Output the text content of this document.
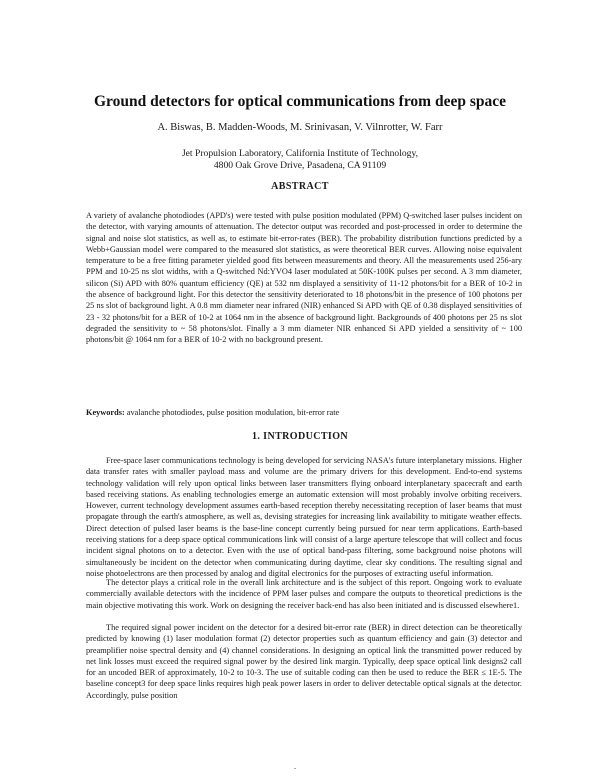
Ground detectors for optical communications from deep space
A. Biswas, B. Madden-Woods, M. Srinivasan, V. Vilnrotter, W. Farr
Jet Propulsion Laboratory, California Institute of Technology,
4800 Oak Grove Drive, Pasadena, CA 91109
ABSTRACT

A variety of avalanche photodiodes (APD's) were tested with pulse position modulated (PPM) Q-switched laser pulses incident on the detector, with varying amounts of attenuation. The detector output was recorded and post-processed in order to determine the signal and noise slot statistics, as well as, to estimate bit-error-rates (BER). The probability distribution functions predicted by a Webb+Gaussian model were compared to the measured slot statistics, as were theoretical BER curves. Allowing noise equivalent temperature to be a free fitting parameter yielded good fits between measurements and theory. All the measurements used 256-ary PPM and 10-25 ns slot widths, with a Q-switched Nd:YVO4 laser modulated at 50K-100K pulses per second. A 3 mm diameter, silicon (Si) APD with 80% quantum efficiency (QE) at 532 nm displayed a sensitivity of 11-12 photons/bit for a BER of 10-2 in the absence of background light. For this detector the sensitivity deteriorated to 18 photons/bit in the presence of 100 photons per 25 ns slot of background light. A 0.8 mm diameter near infrared (NIR) enhanced Si APD with QE of 0.38 displayed sensitivities of 23 - 32 photons/bit for a BER of 10-2 at 1064 nm in the absence of background light. Backgrounds of 400 photons per 25 ns slot degraded the sensitivity to ~ 58 photons/slot. Finally a 3 mm diameter NIR enhanced Si APD yielded a sensitivity of ~ 100 photons/bit @ 1064 nm for a BER of 10-2 with no background present.

Keywords: avalanche photodiodes, pulse position modulation, bit-error rate

1. INTRODUCTION

Free-space laser communications technology is being developed for servicing NASA's future interplanetary missions. Higher data transfer rates with smaller payload mass and volume are the primary drivers for this development. End-to-end systems technology validation will rely upon optical links between laser transmitters flying onboard interplanetary spacecraft and earth based receiving stations. As enabling technologies emerge an automatic extension will most probably involve orbiting receivers. However, current technology development assumes earth-based reception thereby necessitating reception of laser beams that must propagate through the earth's atmosphere, as well as, devising strategies for increasing link availability to mitigate weather effects. Direct detection of pulsed laser beams is the base-line concept currently being pursued for near term applications. Earth-based receiving stations for a deep space optical communications link will consist of a large aperture telescope that will collect and focus incident signal photons on to a detector. Even with the use of optical band-pass filtering, some background noise photons will simultaneously be incident on the detector when communicating during daytime, clear sky conditions. The resulting signal and noise photoelectrons are then processed by analog and digital electronics for the purposes of extracting useful information.

The detector plays a critical role in the overall link architecture and is the subject of this report. Ongoing work to evaluate commercially available detectors with the incidence of PPM laser pulses and compare the outputs to theoretical predictions is the main objective motivating this work. Work on designing the receiver back-end has also been initiated and is discussed elsewhere1.

The required signal power incident on the detector for a desired bit-error rate (BER) in direct detection can be theoretically predicted by knowing (1) laser modulation format (2) detector properties such as quantum efficiency and gain (3) detector and preamplifier noise spectral density and (4) channel considerations. In designing an optical link the transmitted power reduced by net link losses must exceed the required signal power by the desired link margin. Typically, deep space optical link designs2 call for an uncoded BER of approximately, 10-2 to 10-3. The use of suitable coding can then be used to reduce the BER ≤ 1E-5. The baseline concept3 for deep space links requires high peak power lasers in order to deliver detectable optical signals at the detector. Accordingly, pulse position

.
